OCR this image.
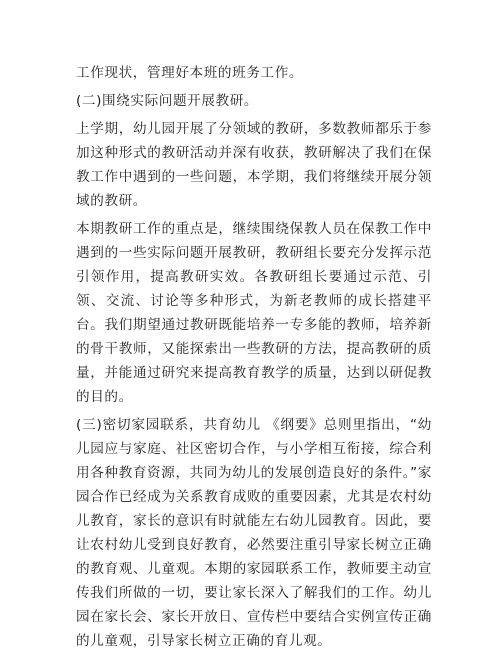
工作现状，管理好本班的班务工作。

(二)围绕实际问题开展教研。

上学期，幼儿园开展了分领域的教研，多数教师都乐于参加这种形式的教研活动并深有收获，教研解决了我们在保教工作中遇到的一些问题，本学期，我们将继续开展分领域的教研。

本期教研工作的重点是，继续围绕保教人员在保教工作中遇到的一些实际问题开展教研，教研组长要充分发挥示范引领作用，提高教研实效。各教研组长要通过示范、引领、交流、讨论等多种形式，为新老教师的成长搭建平台。我们期望通过教研既能培养一专多能的教师，培养新的骨干教师，又能探索出一些教研的方法，提高教研的质量，并能通过研究来提高教育教学的质量，达到以研促教的目的。

(三)密切家园联系，共育幼儿 《纲要》总则里指出，“幼儿园应与家庭、社区密切合作，与小学相互衔接，综合利用各种教育资源，共同为幼儿的发展创造良好的条件。”家园合作已经成为关系教育成败的重要因素，尤其是农村幼儿教育，家长的意识有时就能左右幼儿园教育。因此，要让农村幼儿受到良好教育，必然要注重引导家长树立正确的教育观、儿童观。本期的家园联系工作，教师要主动宣传我们所做的一切，要让家长深入了解我们的工作。幼儿园在家长会、家长开放日、宣传栏中要结合实例宣传正确的儿童观，引导家长树立正确的育儿观。
